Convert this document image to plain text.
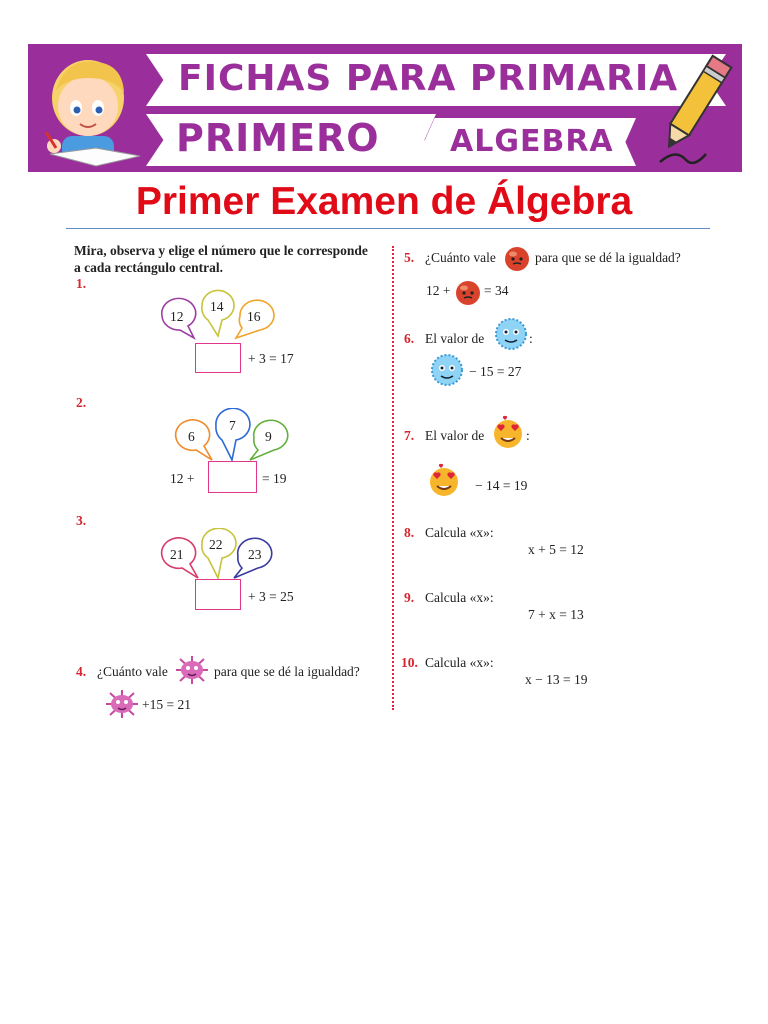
FICHAS PARA PRIMARIA
PRIMERO ALGEBRA
Primer Examen de Álgebra
Mira, observa y elige el número que le corresponde
a cada rectángulo central.
1.
12
14
16
+ 3 = 17
2.
6
7
9
12 +	= 19
3.
21
22
23
+ 3 = 25
4. ¿Cuánto vale	para que se dé la igualdad?
+15 = 21
5. ¿Cuánto vale	para que se dé la igualdad?
12 + = 34
6. El valor de	:
− 15 = 27
7. El valor de	:
− 14 = 19
8. Calcula «x»:
x + 5 = 12
9. Calcula «x»:
7 + x = 13
10. Calcula «x»:
x − 13 = 19
